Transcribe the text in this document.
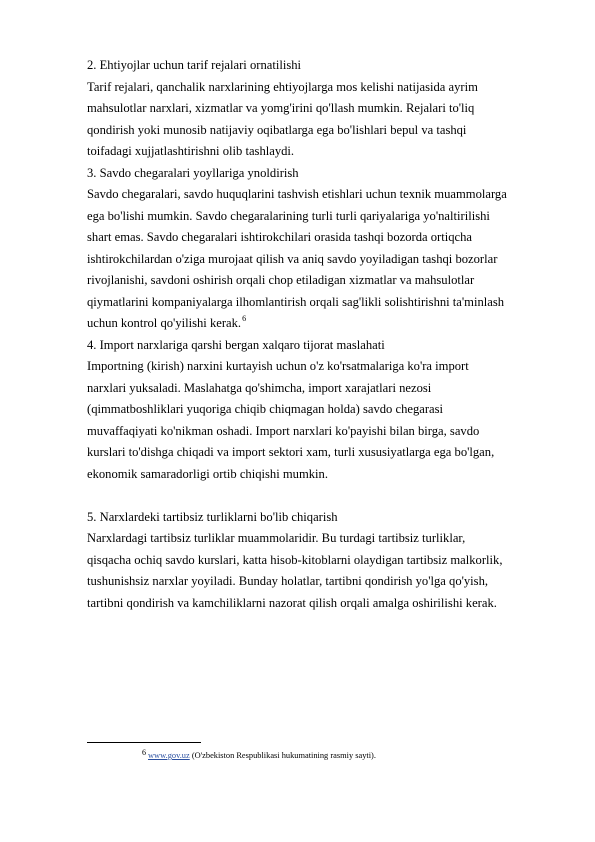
2. Ehtiyojlar uchun tarif rejalari ornatilishi
Tarif rejalari, qanchalik narxlarining ehtiyojlarga mos kelishi natijasida ayrim
mahsulotlar narxlari, xizmatlar va yomg'irini qo'llash mumkin. Rejalari to'liq
qondirish yoki munosib natijaviy oqibatlarga ega bo'lishlari bepul va tashqi
toifadagi xujjatlashtirishni olib tashlaydi.
3. Savdo chegaralari yoyllariga ynoldirish
Savdo chegaralari, savdo huquqlarini tashvish etishlari uchun texnik muammolarga
ega bo'lishi mumkin. Savdo chegaralarining turli turli qariyalariga yo'naltirilishi
shart emas. Savdo chegaralari ishtirokchilari orasida tashqi bozorda ortiqcha
ishtirokchilardan o'ziga murojaat qilish va aniq savdo yoyiladigan tashqi bozorlar
rivojlanishi, savdoni oshirish orqali chop etiladigan xizmatlar va mahsulotlar
qiymatlarini kompaniyalarga ilhomlantirish orqali sag'likli solishtirishni ta'minlash
uchun kontrol qo'yilishi kerak.$^6$
4. Import narxlariga qarshi bergan xalqaro tijorat maslahati
Importning (kirish) narxini kurtayish uchun o'z ko'rsatmalariga ko'ra import
narxlari yuksaladi. Maslahatga qo'shimcha, import xarajatlari nezosi
(qimmatboshliklari yuqoriga chiqib chiqmagan holda) savdo chegarasi
muvaffaqiyati ko'nikman oshadi. Import narxlari ko'payishi bilan birga, savdo
kurslari to'dishga chiqadi va import sektori xam, turli xususiyatlarga ega bo'lgan,
ekonomik samaradorligi ortib chiqishi mumkin.
5. Narxlardeki tartibsiz turliklarni bo'lib chiqarish
Narxlardagi tartibsiz turliklar muammolaridir. Bu turdagi tartibsiz turliklar,
qisqacha ochiq savdo kurslari, katta hisob-kitoblarni olaydigan tartibsiz malkorlik,
tushunishsiz narxlar yoyiladi. Bunday holatlar, tartibni qondirish yo'lga qo'yish,
tartibni qondirish va kamchiliklarni nazorat qilish orqali amalga oshirilishi kerak.
6 www.gov.uz (O'zbekiston Respublikasi hukumatining rasmiy sayti).
